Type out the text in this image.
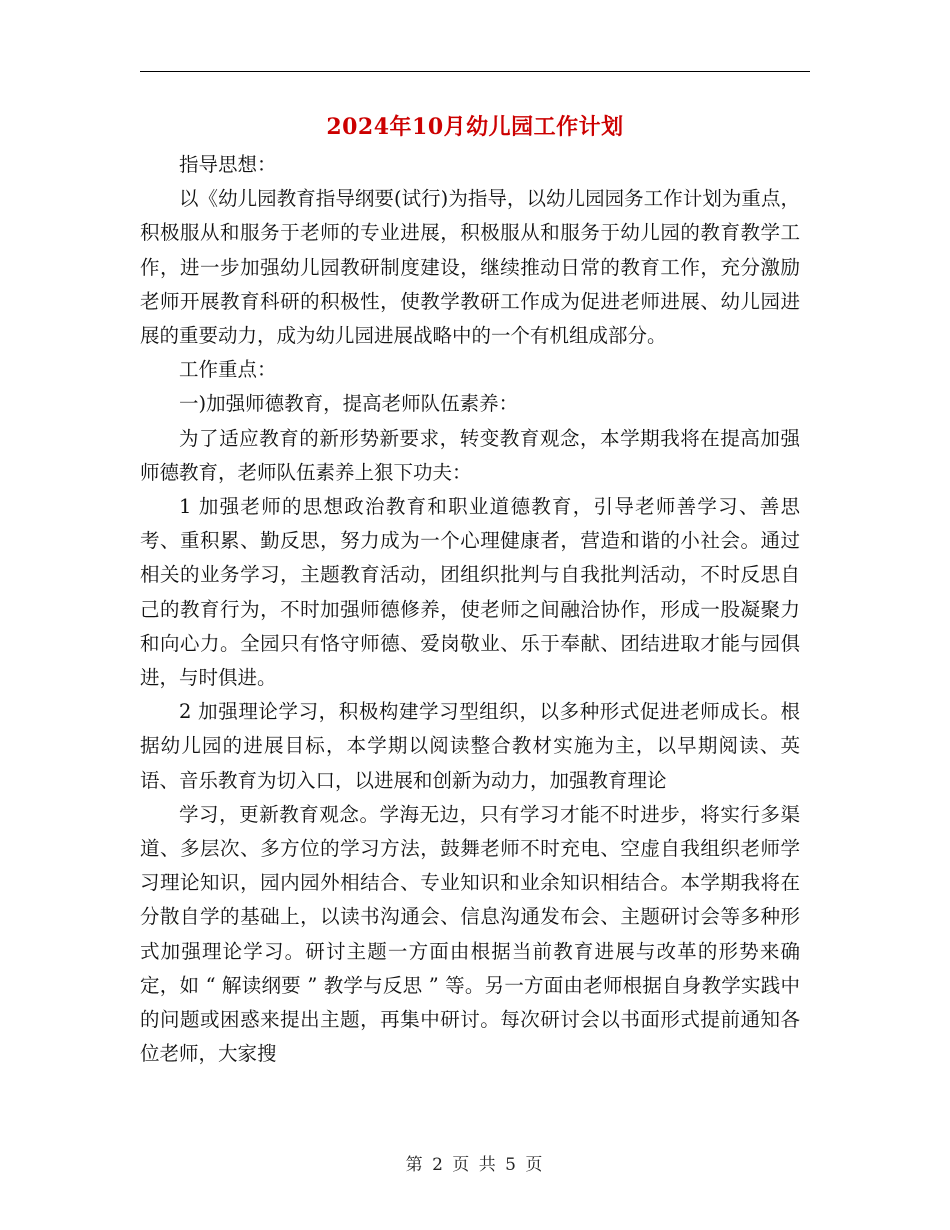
2024年10月幼儿园工作计划

指导思想：

以《幼儿园教育指导纲要(试行)为指导，以幼儿园园务工作计划为重点，积极服从和服务于老师的专业进展，积极服从和服务于幼儿园的教育教学工作，进一步加强幼儿园教研制度建设，继续推动日常的教育工作，充分激励老师开展教育科研的积极性，使教学教研工作成为促进老师进展、幼儿园进展的重要动力，成为幼儿园进展战略中的一个有机组成部分。

工作重点：

一)加强师德教育，提高老师队伍素养：

为了适应教育的新形势新要求，转变教育观念，本学期我将在提高加强师德教育，老师队伍素养上狠下功夫：

1 加强老师的思想政治教育和职业道德教育，引导老师善学习、善思考、重积累、勤反思，努力成为一个心理健康者，营造和谐的小社会。通过相关的业务学习，主题教育活动，团组织批判与自我批判活动，不时反思自己的教育行为，不时加强师德修养，使老师之间融洽协作，形成一股凝聚力和向心力。全园只有恪守师德、爱岗敬业、乐于奉献、团结进取才能与园俱进，与时俱进。

2 加强理论学习，积极构建学习型组织，以多种形式促进老师成长。根据幼儿园的进展目标，本学期以阅读整合教材实施为主，以早期阅读、英语、音乐教育为切入口，以进展和创新为动力，加强教育理论

学习，更新教育观念。学海无边，只有学习才能不时进步，将实行多渠道、多层次、多方位的学习方法，鼓舞老师不时充电、空虚自我组织老师学习理论知识，园内园外相结合、专业知识和业余知识相结合。本学期我将在分散自学的基础上，以读书沟通会、信息沟通发布会、主题研讨会等多种形式加强理论学习。研讨主题一方面由根据当前教育进展与改革的形势来确定，如 “ 解读纲要 ” 教学与反思 ” 等。另一方面由老师根据自身教学实践中的问题或困惑来提出主题，再集中研讨。每次研讨会以书面形式提前通知各位老师，大家搜

第 2 页 共 5 页
